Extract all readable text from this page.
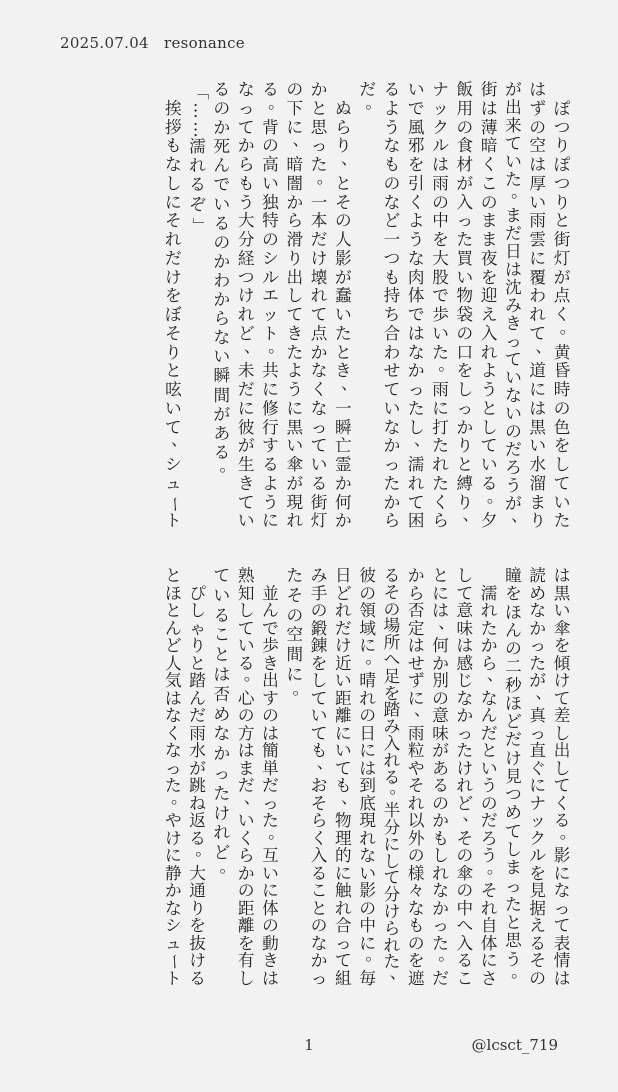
2025.07.04 resonance

ぽ
つ
り
ぽ
つ
り
と
街
灯
が
点
く
。
黄
昏
時
の
色
を
し
て
い
た
は
ず
の
空
は
厚
い
雨
雲
に
覆
わ
れ
て
、
道
に
は
黒
い
水
溜
ま
り
が
出
来
て
い
た
。
ま
だ
日
は
沈
み
き
っ
て
い
な
い
の
だ
ろ
う
が
、
街
は
薄
暗
く
こ
の
ま
ま
夜
を
迎
え
入
れ
よ
う
と
し
て
い
る
。
夕
飯
用
の
食
材
が
入
っ
た
買
い
物
袋
の
口
を
し
っ
か
り
と
縛
り
、
ナ
ッ
ク
ル
は
雨
の
中
を
大
股
で
歩
い
た
。
雨
に
打
た
れ
た
く
ら
い
で
風
邪
を
引
く
よ
う
な
肉
体
で
は
な
か
っ
た
し
、
濡
れ
て
困
る
よ
う
な
も
の
な
ど
一
つ
も
持
ち
合
わ
せ
て
い
な
か
っ
た
か
ら
だ
。

ぬ
ら
り
、
と
そ
の
人
影
が
蠢
い
た
と
き
、
一
瞬
亡
霊
か
何
か
か
と
思
っ
た
。
一
本
だ
け
壊
れ
て
点
か
な
く
な
っ
て
い
る
街
灯
の
下
に
、
暗
闇
か
ら
滑
り
出
し
て
き
た
よ
う
に
黒
い
傘
が
現
れ
る
。
背
の
高
い
独
特
の
シ
ル
エ
ッ
ト
。
共
に
修
行
す
る
よ
う
に
な
っ
て
か
ら
も
う
大
分
経
つ
け
れ
ど
、
未
だ
に
彼
が
生
き
て
い
る
の
か
死
ん
で
い
る
の
か
わ
か
ら
な
い
瞬
間
が
あ
る
。
「
…
…
濡
れ
る
ぞ
」

挨
拶
も
な
し
に
そ
れ
だ
け
を
ぼ
そ
り
と
呟
い
て
、
シ
ュ
ー
ト
は
黒
い
傘
を
傾
け
て
差
し
出
し
て
く
る
。
影
に
な
っ
て
表
情
は
読
め
な
か
っ
た
が
、
真
っ
直
ぐ
に
ナ
ッ
ク
ル
を
見
据
え
る
そ
の
瞳
を
ほ
ん
の
二
秒
ほ
ど
だ
け
見
つ
め
て
し
ま
っ
た
と
思
う
。

濡
れ
た
か
ら
、
な
ん
だ
と
い
う
の
だ
ろ
う
。
そ
れ
自
体
に
さ
し
て
意
味
は
感
じ
な
か
っ
た
け
れ
ど
、
そ
の
傘
の
中
へ
入
る
こ
と
に
は
、
何
か
別
の
意
味
が
あ
る
の
か
も
し
れ
な
か
っ
た
。
だ
か
ら
否
定
は
せ
ず
に
、
雨
粒
や
そ
れ
以
外
の
様
々
な
も
の
を
遮
る
そ
の
場
所
へ
足
を
踏
み
入
れ
る
。
半
分
に
し
て
分
け
ら
れ
た
、
彼
の
領
域
に
。
晴
れ
の
日
に
は
到
底
現
れ
な
い
影
の
中
に
。
毎
日
ど
れ
だ
け
近
い
距
離
に
い
て
も
、
物
理
的
に
触
れ
合
っ
て
組
み
手
の
鍛
錬
を
し
て
い
て
も
、
お
そ
ら
く
入
る
こ
と
の
な
か
っ
た
そ
の
空
間
に
。

並
ん
で
歩
き
出
す
の
は
簡
単
だ
っ
た
。
互
い
に
体
の
動
き
は
熟
知
し
て
い
る
。
心
の
方
は
ま
だ
、
い
く
ら
か
の
距
離
を
有
し
て
い
る
こ
と
は
否
め
な
か
っ
た
け
れ
ど
。

ぴ
し
ゃ
り
と
踏
ん
だ
雨
水
が
跳
ね
返
る
。
大
通
り
を
抜
け
る
と
ほ
と
ん
ど
人
気
は
な
く
な
っ
た
。
や
け
に
静
か
な
シ
ュ
ー
ト
1	@lcsct_719
